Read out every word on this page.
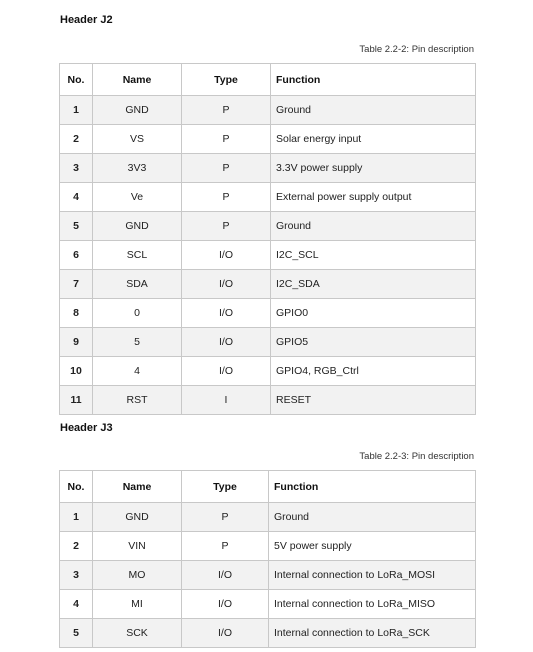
Header J2
Table 2.2-2: Pin description
No.	Name	Type	Function
1	GND	P	Ground
2	VS	P	Solar energy input
3	3V3	P	3.3V power supply
4	Ve	P	External power supply output
5	GND	P	Ground
6	SCL	I/O	I2C_SCL
7	SDA	I/O	I2C_SDA
8	0	I/O	GPIO0
9	5	I/O	GPIO5
10	4	I/O	GPIO4, RGB_Ctrl
11	RST	I	RESET
Header J3
Table 2.2-3: Pin description
No.	Name	Type	Function
1	GND	P	Ground
2	VIN	P	5V power supply
3	MO	I/O	Internal connection to LoRa_MOSI
4	MI	I/O	Internal connection to LoRa_MISO
5	SCK	I/O	Internal connection to LoRa_SCK
